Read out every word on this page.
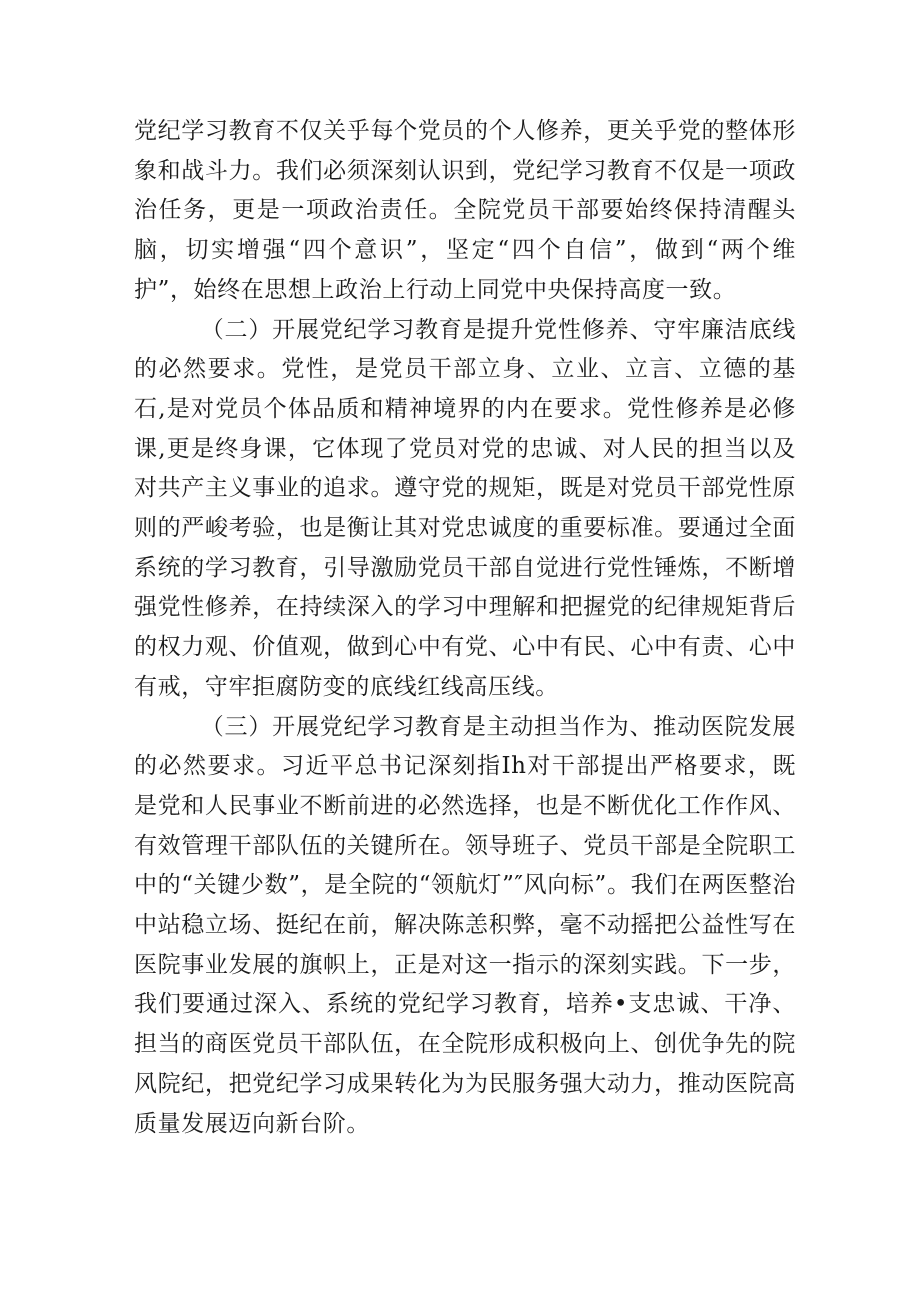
党纪学习教育不仅关乎每个党员的个人修养，更关乎党的整体形象和战斗力。我们必须深刻认识到，党纪学习教育不仅是一项政治任务，更是一项政治责任。全院党员干部要始终保持清醒头脑，切实增强“四个意识”，坚定“四个自信”，做到“两个维护”，始终在思想上政治上行动上同党中央保持高度一致。

（二）开展党纪学习教育是提升党性修养、守牢廉洁底线的必然要求。党性，是党员干部立身、立业、立言、立德的基石,是对党员个体品质和精神境界的内在要求。党性修养是必修课,更是终身课，它体现了党员对党的忠诚、对人民的担当以及对共产主义事业的追求。遵守党的规矩，既是对党员干部党性原则的严峻考验，也是衡让其对党忠诚度的重要标准。要通过全面系统的学习教育，引导激励党员干部自觉进行党性锤炼，不断增强党性修养，在持续深入的学习中理解和把握党的纪律规矩背后的权力观、价值观，做到心中有党、心中有民、心中有责、心中有戒，守牢拒腐防变的底线红线高压线。

（三）开展党纪学习教育是主动担当作为、推动医院发展的必然要求。习近平总书记深刻指Ih对干部提出严格要求，既是党和人民事业不断前进的必然选择，也是不断优化工作作风、有效管理干部队伍的关键所在。领导班子、党员干部是全院职工中的“关键少数”，是全院的“领航灯”″风向标”。我们在两医整治中站稳立场、挺纪在前，解决陈恙积弊，毫不动摇把公益性写在医院事业发展的旗帜上，正是对这一指示的深刻实践。下一步，我们要通过深入、系统的党纪学习教育，培养•支忠诚、干净、担当的商医党员干部队伍，在全院形成积极向上、创优争先的院风院纪，把党纪学习成果转化为为民服务强大动力，推动医院高质量发展迈向新台阶。
